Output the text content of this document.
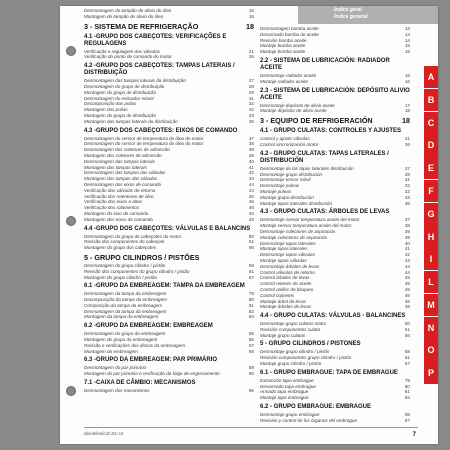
Índice geral
Índice general
Desmontagem do tampão de alivio do óleo	16
Montagem do tampão de alivio do óleo	16
3 - SISTEMA DE REFRIGERAÇÃO	18
4.1 -GRUPO DOS CABEÇOTES: VERIFICAÇÕES E REGULAGENS
Verificação e regulagem das válvulas	21
Verificação do ponto de comando do motor	26
4.2 -GRUPO DOS CABEÇOTES: TAMPAS LATERAIS / DISTRIBUIÇÃO
Desmontagem das tampas laterais da distribuição	27
Desmontagem do grupo de distribuição	28
Montagem do grupo de distribuição	29
Desmontagem do esticador móvel	31
Decomposição das polias	32
Montagem das polias	32
Montagem do grupo de distribuição	33
Montagem das tampas laterais da distribuição	36
4.3 -GRUPO DOS CABEÇOTES: EIXOS DE COMANDO
Desmontagem do sensor de temperatura do óleo do motor	37
Desmontagem do sensor de temperatura do óleo do motor	38
Desmontagem dos coletores de admissão	39
Montagem dos coletores de admissão	39
Desmontagem das tampas laterais	40
Montagem das tampas laterais	41
Desmontagem das tampas das válvulas	42
Montagem das tampas das válvulas	43
Desmontagem dos eixos de comando	44
Verificação das válvulas de retorno	44
Verificação dos retentores de óleo	45
Verificação dos eixos e altas	45
Verificação dos rolamentos	46
Montagem do eixo de comando	46
Montagem dos eixos de comando	48
4.4 -GRUPO DOS CABEÇOTES: VÁLVULAS E BALANCINS
Desmontagem do grupo de cabeçotes do motor	50
Revisão dos componentes do cabeçote	51
Montagem do grupo dos cabeçotes	56
5 - GRUPO CILINDROS / PISTÕES
Desmontagem do grupo cilindro / pistão	58
Revisão dos componentes do grupo cilindro / pistão	61
Montagem do grupo cilindro / pistão	67
6.1 -GRUPO DA EMBREAGEM: TAMPA DA EMBREAGEM
Desmontagem da tampa da embreagem	79
Decomposição da tampa da embreagem	80
Composição da tampa da embreagem	81
Desmontagem da tampa da embreagem	82
Montagem da tampa da embreagem	84
6.2 -GRUPO DA EMBREAGEM: EMBREAGEM
Desmontagem do grupo da embreagem	85
Montagem do grupo da embreagem	86
Revisão e verificações dos discos da embreagem	87
Montagem da embreagem	88
6.3 -GRUPO DA EMBREAGEM: PAR PRIMÁRIO
Desmontagem do par primário	89
Montagem do par primário e verificação da folga de engrenamento	90
7.1 -CAIXA DE CÂMBIO: MECANISMOS
Desmontagem dos mecanismos	95
Desmontagem bomba aceite	13
Desarmado bomba de aceite	14
Revisión bomba aceite	14
Montaje bomba aceite	15
Montaje bomba aceite	15
2.2 - SISTEMA DE LUBRICACIÓN: RADIADOR ACEITE
Desmontaje radiador aceite	16
Montaje radiador aceite	16
2.3 - SISTEMA DE LUBRICACIÓN: DEPÓSITO ALIVIO ACEITE
Desmontaje depósito de alivio aceite	17
Montaje depósito de alivio aceite	18
3 - EQUIPO DE REFRIGERACIÓN	18
4.1 - GRUPO CULATAS: CONTROLES Y AJUSTES
Control y ajuste válvulas	21
Control sincronización motor	26
4.2 - GRUPO CULATAS: TAPAS LATERALES / DISTRIBUCIÓN
Desmontaje de las tapas laterales distribución	27
Desmontaje grupo distribución	28
Desmontaje tensor móvil	31
Desmontaje poleas	32
Montaje poleas	32
Montaje grupo distribución	33
Montaje tapas laterales distribución	36
4.3 - GRUPO CULATAS: ÁRBOLES DE LEVAS
Desmontaje sensor temperatura aceite del motor	37
Montaje sensor temperatura aceite del motor	38
Desmontaje colectores de aspiración	39
Montaje colectores de aspiración	39
Desmontaje tapas laterales	40
Montaje tapas laterales	41
Desmontaje tapas válvulas	42
Montaje tapas válvulas	43
Desmontaje árboles de levas	44
Control válvulas de retorno	44
Control árboles de levas	45
Control retenes de aceite	45
Control anillos de bloqueo	45
Control cojinetes	46
Montaje árbol de levas	46
Montaje árboles de levas	48
4.4 - GRUPO CULATAS: VÁLVULAS - BALANCINES
Desmontaje grupo culatas motor	50
Revisión componentes culata	51
Montaje grupo culatas	56
5 - GRUPO CILINDROS / PISTONES
Desmontaje grupo cilindro / pistón	58
Revisión componentes grupo cilindro / pistón	61
Montaje grupo cilindro / pistón	67
6.1 - GRUPO EMBRAGUE: TAPA DE EMBRAGUE
Extracción tapa embrague	79
Desarmado tapa embrague	80
Armado tapa embrague	81
Montaje tapa embrague	84
6.2 - GRUPO EMBRAGUE: EMBRAGUE
Desmontaje grupo embrague	85
Revisión y control de los órganos del embrague	87
A
B
C
D
E
F
G
H
I
L
M
N
O
P
abcdefedicoh.01-c2	7
